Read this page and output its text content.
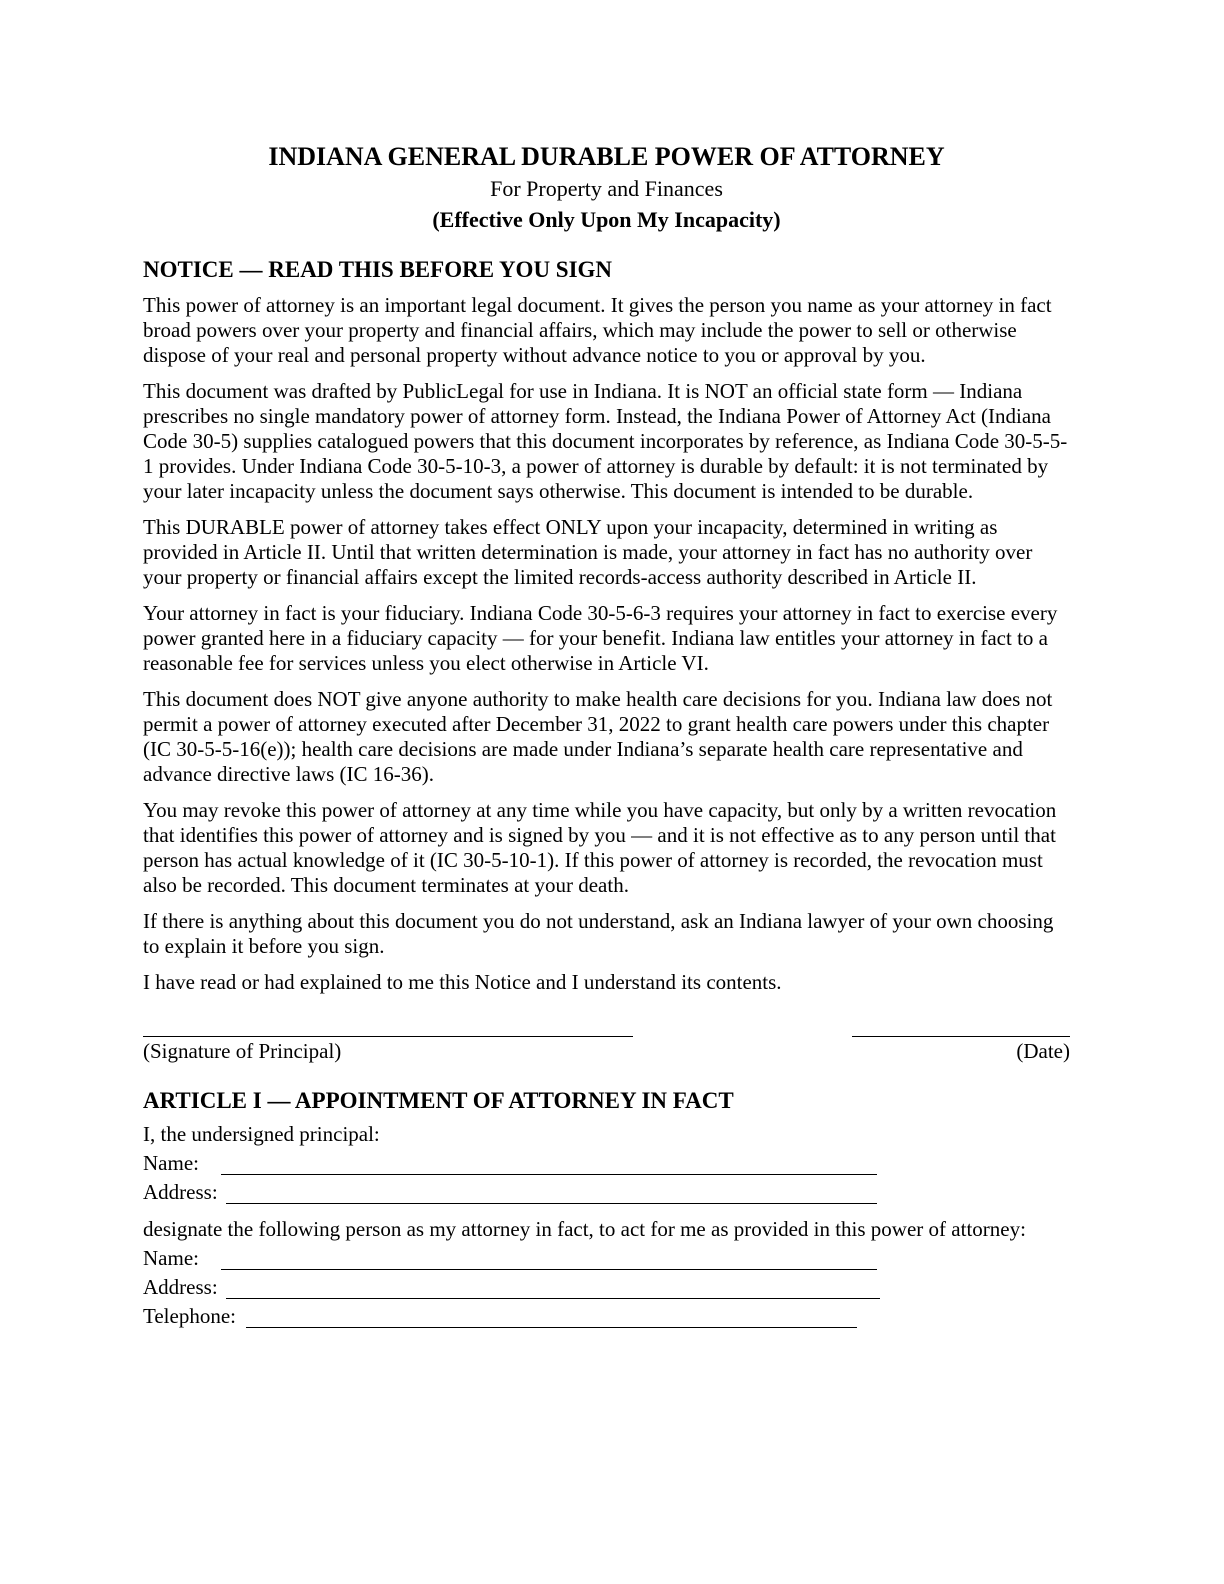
INDIANA GENERAL DURABLE POWER OF ATTORNEY

For Property and Finances

(Effective Only Upon My Incapacity)

NOTICE — READ THIS BEFORE YOU SIGN

This power of attorney is an important legal document. It gives the person you name as your attorney in fact broad powers over your property and financial affairs, which may include the power to sell or otherwise dispose of your real and personal property without advance notice to you or approval by you.

This document was drafted by PublicLegal for use in Indiana. It is NOT an official state form — Indiana prescribes no single mandatory power of attorney form. Instead, the Indiana Power of Attorney Act (Indiana Code 30-5) supplies catalogued powers that this document incorporates by reference, as Indiana Code 30-5-5-1 provides. Under Indiana Code 30-5-10-3, a power of attorney is durable by default: it is not terminated by your later incapacity unless the document says otherwise. This document is intended to be durable.

This DURABLE power of attorney takes effect ONLY upon your incapacity, determined in writing as provided in Article II. Until that written determination is made, your attorney in fact has no authority over your property or financial affairs except the limited records-access authority described in Article II.

Your attorney in fact is your fiduciary. Indiana Code 30-5-6-3 requires your attorney in fact to exercise every power granted here in a fiduciary capacity — for your benefit. Indiana law entitles your attorney in fact to a reasonable fee for services unless you elect otherwise in Article VI.

This document does NOT give anyone authority to make health care decisions for you. Indiana law does not permit a power of attorney executed after December 31, 2022 to grant health care powers under this chapter (IC 30-5-5-16(e)); health care decisions are made under Indiana’s separate health care representative and advance directive laws (IC 16-36).

You may revoke this power of attorney at any time while you have capacity, but only by a written revocation that identifies this power of attorney and is signed by you — and it is not effective as to any person until that person has actual knowledge of it (IC 30-5-10-1). If this power of attorney is recorded, the revocation must also be recorded. This document terminates at your death.

If there is anything about this document you do not understand, ask an Indiana lawyer of your own choosing to explain it before you sign.

I have read or had explained to me this Notice and I understand its contents.

(Signature of Principal)	(Date)

ARTICLE I — APPOINTMENT OF ATTORNEY IN FACT

I, the undersigned principal:

Name:

Address:

designate the following person as my attorney in fact, to act for me as provided in this power of attorney:

Name:

Address:

Telephone:
